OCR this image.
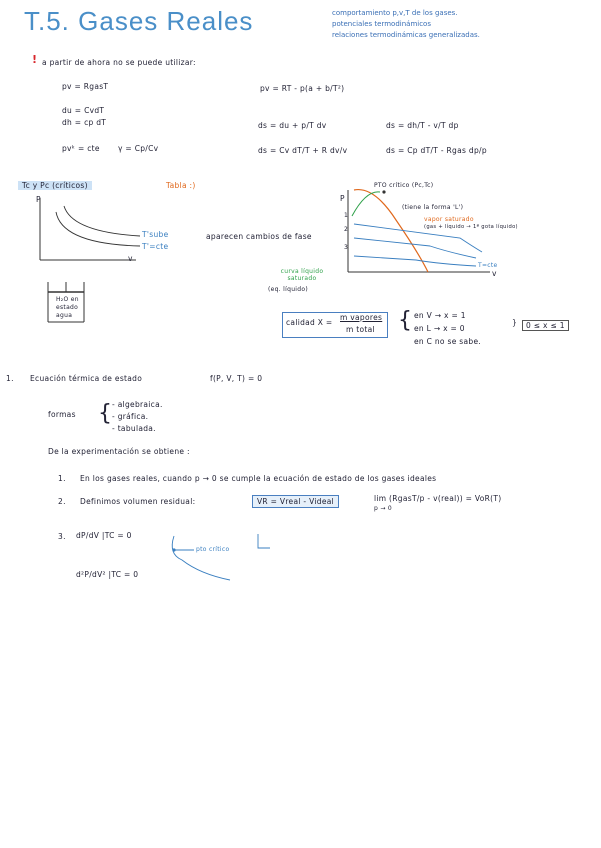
T.5. Gases Reales	comportamiento p,v,T de los gases.
potenciales termodinámicos
relaciones termodinámicas generalizadas.
! a partir de ahora no se puede utilizar:
pv = RgasT	pv = RT - p(a + b/T²)
du = CvdT
dh = cp dT	ds = du + p/T dv	ds = dh/T - v/T dp
pvᵏ = cte γ = Cp/Cv	ds = Cv dT/T + R dv/v	ds = Cp dT/T - Rgas dp/p
Tc y Pc (críticos)	Tabla :)
P
v
T'sube
T'=cte
aparecen cambios de fase
H₂O en
estado
agua
P
v
1
2
3
PTO crítico (Pc,Tc)
(tiene la forma 'L')
vapor saturado
(gas + líquido → 1ª gota líquido)
curva líquido saturado
(eq. líquido)
T=cte
calidad X =
m vapores
m total { en V → x = 1
en L → x = 0
en C no se sabe.
}	0 ≤ x ≤ 1
1. Ecuación térmica de estado	f(P, V, T) = 0
formas { - algebraica.
- gráfica.
- tabulada.
De la experimentación se obtiene :
1. En los gases reales, cuando p → 0 se cumple la ecuación de estado de los gases ideales
2. Definimos volumen residual:	VR = Vreal - Videal	lim (RgasT/p - v(real)) = VoR(T)
p → 0
3. dP/dV |TC = 0
d²P/dV² |TC = 0
pto crítico
